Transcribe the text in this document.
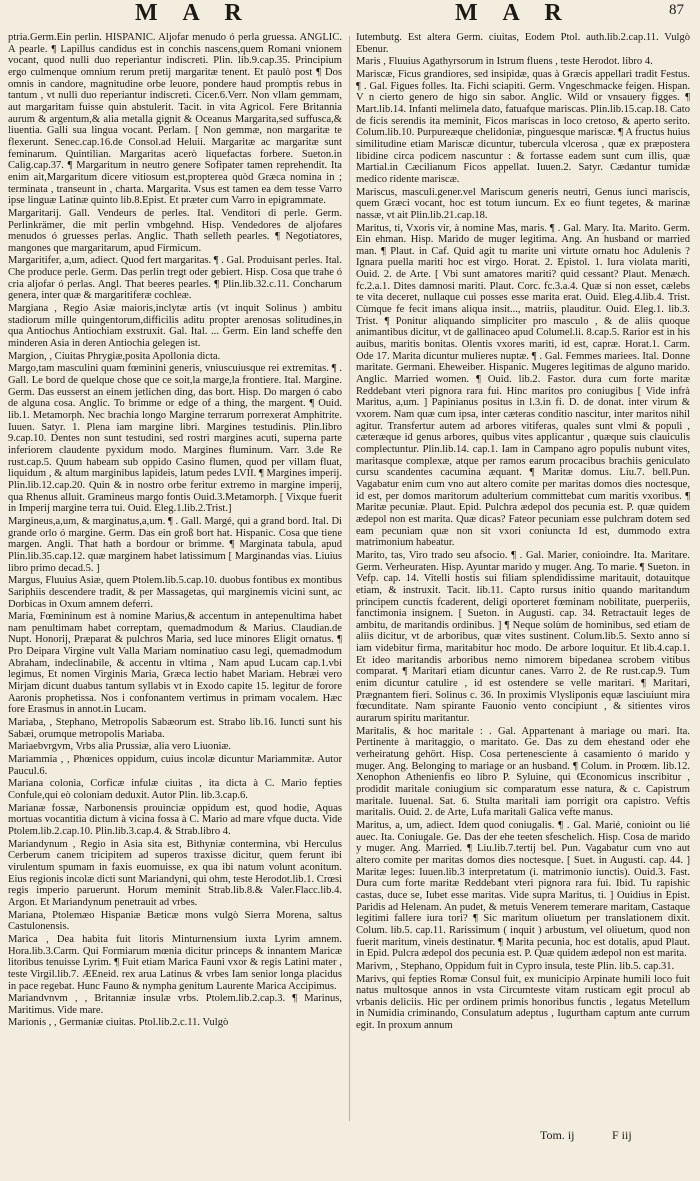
M A R	M A R	87

ptria.Germ.Ein perlin. HISPANIC. Aljofar menudo ó perla gruessa. ANGLIC. A pearle. ¶ Lapillus candidus est in conchis nascens,quem Romani vnionem vocant, quod nulli duo reperiantur indiscreti. Plin. lib.9.cap.35. Principium ergo culmenque omnium rerum pretij margaritæ tenent. Et paulò post ¶ Dos omnis in candore, magnitudine orbe leuore, pondere haud promptis rebus in tantum , vt nulli duo reperiantur indiscreti. Cicer.6.Verr. Non vllam gemmam, aut margaritam fuisse quin abstulerit. Tacit. in vita Agricol. Fere Britannia aurum & argentum,& alia metalla gignit & Oceanus Margarita,sed suffusca,& liuentia. Galli sua lingua vocant. Perlam. [ Non gemmæ, non margaritæ te flexerunt. Senec.cap.16.de Consol.ad Heluii. Margaritæ ac margaritæ sunt feminarum. Quintilian. Margaritas acerò liquefactas forbere. Sueton.in Calig.cap.37. ¶ Margaritum in neutro genere Sofipater tamen reprehendit. Ita enim ait,Margaritum dicere vitiosum est,propterea quòd Græca nomina in ; terminata , transeunt in , charta. Margarita. Vsus est tamen ea dem tesse Varro ipse linguæ Latinæ quinto lib.8.Epist. Et præter cum Varro in epigrammate.

Margaritarij. Gall. Vendeurs de perles. Ital. Venditori di perle. Germ. Perlinkrämer, die mit perlin vmbgehnd. Hisp. Vendedores de aljofares menudos ó gruesses perlas. Anglic. Thath selleth pearles. ¶ Negotiatores, mangones que margaritarum, apud Firmicum.

Margaritifer, a,um, adiect. Quod fert margaritas. ¶ . Gal. Produisant perles. Ital. Che produce perle. Germ. Das perlin tregt oder gebiert. Hisp. Cosa que trahe ó cria aljofar ó perlas. Angl. That beeres pearles. ¶ Plin.lib.32.c.11. Concharum genera, inter quæ & margaritiferæ cochleæ.

Margiana , Regio Asiæ maioris,inclytæ artis (vt inquit Solinus ) ambitu stadiorum mille quingentorum,difficilis aditu propter arenosas solitudines,in qua Antiochus Antiochiam exstruxit. Gal. Ital. ... Germ. Ein land scheffe den minderen Asia in deren Antiochia gelegen ist.

Margion, , Ciuitas Phrygiæ,posita Apollonia dicta.

Margo,tam masculini quam fœminini generis, vniuscuiusque rei extremitas. ¶ . Gall. Le bord de quelque chose que ce soit,la marge,la frontiere. Ital. Margine. Germ. Das eusserst an einem jetlichen ding, das bort. Hisp. Do margen ó cabo de alguna cosa. Anglic. To brimme or edge of a thing, the margent. ¶ Ouid. lib.1. Metamorph. Nec brachia longo Margine terrarum porrexerat Amphitrite. Iuuen. Satyr. 1. Plena iam margine libri. Margines testudinis. Plin.libro 9.cap.10. Dentes non sunt testudini, sed rostri margines acuti, superna parte inferiorem claudente pyxidum modo. Margines fluminum. Varr. 3.de Re rust.cap.5. Quum habeam sub oppido Casino flumen, quod per villam fluat, liquidum , & altum marginibus lapideis, latum pedes LVII. ¶ Margines imperij. Plin.lib.12.cap.20. Quin & in nostro orbe feritur extremo in margine imperij, qua Rhenus alluit. Gramineus margo fontis Ouid.3.Metamorph. [ Vixque fuerit in Imperij margine terra tui. Ouid. Eleg.1.lib.2.Trist.]

Margineus,a,um, & marginatus,a,um. ¶ . Gall. Margé, qui a grand bord. Ital. Di grande orlo ó margine. Germ. Das ein groß bort hat. Hispanic. Cosa que tiene margen. Angli. That hath a bordour or brimme. ¶ Marginata tabula, apud Plin.lib.35.cap.12. quæ marginem habet latissimum [ Marginandas vias. Liuius libro primo decad.5. ]

Margus, Fluuius Asiæ, quem Ptolem.lib.5.cap.10. duobus fontibus ex montibus Sariphiis descendere tradit, & per Massagetas, qui marginemis vicini sunt, ac Dorbicas in Oxum amnem deferri.

Maria, Fœmininum est à nomine Marius,& accentum in antepenultima habet nam penultimam habet correptam, quemadmodum & Marius. Claudian.de Nupt. Honorij, Præparat & pulchros Maria, sed luce minores Eligit ornatus. ¶ Pro Deipara Virgine vult Valla Mariam nominatiuo casu legi, quemadmodum Abraham, indeclinabile, & accentu in vltima , Nam apud Lucam cap.1.vbi legimus, Et nomen Virginis Maria, Græca lectio habet Mariam. Hebræi vero Mirjam dicunt duabus tantum syllabis vt in Exodo capite 15. legitur de forore Aaronis prophetissa. Nos i confonantem vertimus in primam vocalem. Hæc fore Erasmus in annot.in Lucam.

Mariaba, , Stephano, Metropolis Sabæorum est. Strabo lib.16. Iuncti sunt his Sabæi, orumque metropolis Mariaba.

Mariaebvrgvm, Vrbs alia Prussiæ, alia vero Liuoniæ.

Mariammia , , Phœnices oppidum, cuius incolæ dicuntur Mariammitæ. Autor Paucul.6.

Mariana colonia, Corficæ infulæ ciuitas , ita dicta à C. Mario fepties Confule,qui eò coloniam deduxit. Autor Plin. lib.3.cap.6.

Marianæ fossæ, Narbonensis prouinciæ oppidum est, quod hodie, Aquas mortuas vocantitia dictum à vicina fossa à C. Mario ad mare vfque ducta. Vide Ptolem.lib.2.cap.10. Plin.lib.3.cap.4. & Strab.libro 4.

Mariandynum , Regio in Asia sita est, Bithyniæ contermina, vbi Herculus Cerberum canem tricipitem ad superos traxisse dicitur, quem ferunt ibi virulentum spumam in faxis euomuisse, ex qua ibi natum volunt aconitum. Eius regionis incolæ dicti sunt Mariandyni, qui ohm, teste Herodot.lib.1. Crœsi regis imperio paruerunt. Horum meminit Strab.lib.8.& Valer.Flacc.lib.4. Argon. Et Mariandynum penetrauit ad vrbes.

Mariana, Ptolemæo Hispaniæ Bæticæ mons vulgò Sierra Morena, saltus Castulonensis.

Marica , Dea habita fuit litoris Minturnensium iuxta Lyrim amnem. Hora.lib.3.Carm. Qui Formiarum mœnia dicitur princeps & innantem Maricæ litoribus tenuisse Lyrim. ¶ Fuit etiam Marica Fauni vxor & regis Latini mater , teste Virgil.lib.7. ÆEneid. rex arua Latinus & vrbes Iam senior longa placidus in pace regebat. Hunc Fauno & nympha genitum Laurente Marica Accipimus.

Mariandvnvm , , Britanniæ insulæ vrbs. Ptolem.lib.2.cap.3. ¶ Marinus, Maritimus. Vide mare.

Marionis , , Germaniæ ciuitas. Ptol.lib.2.c.11. Vulgò

Iutembutg. Est altera Germ. ciuitas, Eodem Ptol. auth.lib.2.cap.11. Vulgò Ebenur.

Maris , Fluuius Agathyrsorum in Istrum fluens , teste Herodot. libro 4.

Mariscæ, Ficus grandiores, sed insipidæ, quas à Græcis appellari tradit Festus. ¶ . Gal. Figues folles. Ita. Fichi sciapiti. Germ. Vngeschmacke feigen. Hispan. V n cierto genero de higo sin sabor. Anglic. Wild or vnsauery figges. ¶ Mart.lib.14. Infanti melimela dato, fatuafque mariscas. Plin.lib.15.cap.18. Cato de ficis serendis ita meminit, Ficos mariscas in loco cretoso, & aperto serito. Colum.lib.10. Purpureæque chelidoniæ, pinguesque mariscæ. ¶ A fructus huius similitudine etiam Mariscæ dicuntur, tubercula vlcerosa , quæ ex præpostera libidine circa podicem nascuntur : & fortasse eadem sunt cum illis, quæ Martial.in Cæcilianum Ficos appellat. Iuuen.2. Satyr. Cædantur tumidæ medico ridente mariscæ.

Mariscus, masculi.gener.vel Mariscum generis neutri, Genus iunci mariscis, quem Græci vocant, hoc est totum iuncum. Ex eo fiunt tegetes, & marinæ nassæ, vt ait Plin.lib.21.cap.18.

Maritus, ti, Vxoris vir, à nomine Mas, maris. ¶ . Gal. Mary. Ita. Marito. Germ. Ein ehman. Hisp. Marido de muger legitima. Ang. An husband or married man. ¶ Plaut. in Caf. Quid agit tu marite uni virtute ornatu hoc Adulenis ? Ignara puella mariti hoc est virgo. Horat. 2. Epistol. 1. Iura violata mariti, Ouid. 2. de Arte. [ Vbi sunt amatores mariti? quid cessant? Plaut. Menæch. fc.2.a.1. Dites damnosi mariti. Plaut. Corc. fc.3.a.4. Quæ si non esset, cælebs te vita deceret, nullaque cui posses esse marita erat. Ouid. Eleg.4.lib.4. Trist. Cùmque fe fecit imans aliqua insit..., matriis, plauditur. Ouid. Eleg.1. lib.3. Trist. ¶ Ponitur aliquando simpliciter pro masculo , & de aliis quoque animantibus dicitur, vt de gallinaceo apud Columel.li. 8.cap.5. Rarior est in his auibus, maritis bonitas. Olentis vxores mariti, id est, capræ. Horat.1. Carm. Ode 17. Marita dicuntur mulieres nuptæ. ¶ . Gal. Femmes mariees. Ital. Donne maritate. Germani. Eheweiber. Hispanic. Mugeres legitimas de alguno marido. Anglic. Married women. ¶ Ouid. lib.2. Fastor. dura cum forte maritæ Reddebant vteri pignora rara fui. Hinc maritos pro coniugibus [ Vide infrà Maritus, a,um. ] Papinianus positus in l.3.in fi. D. de donat. inter virum & vxorem. Nam quæ cum ipsa, inter cæteras conditio nascitur, inter maritos nihil agitur. Transfertur autem ad arbores vitiferas, quales sunt vlmi & populi , cæteræque id genus arbores, quibus vites applicantur , quæque suis clauiculis complectuntur. Plin.lib.14. cap.1. Iam in Campano agro populis nubunt vites, maritasque complexæ, atque per ramos earum procacibus brachiis geniculato cursu scandentes cacumina æquant. ¶ Maritæ domus. Liu.7. bell.Pun. Vagabatur enim cum vno aut altero comite per maritas domos dies noctesque, id est, per domos maritorum adulterium committebat cum maritis vxoribus. ¶ Maritæ pecuniæ. Plaut. Epid. Pulchra ædepol dos pecunia est. P. quæ quidem ædepol non est marita. Quæ dicas? Fateor pecuniam esse pulchram dotem sed eam pecuniam quæ non sit vxori coniuncta Id est, dummodo extra matrimonium habeatur.

Marito, tas, Viro trado seu afsocio. ¶ . Gal. Marier, conioindre. Ita. Maritare. Germ. Verheuraten. Hisp. Ayuntar marido y muger. Ang. To marie. ¶ Sueton. in Vefp. cap. 14. Vitelli hostis sui filiam splendidissime maritauit, dotauitque etiam, & instruxit. Tacit. lib.11. Capto rursus initio quando maritandum principem cunctis fcaderent, deligi oporteret fœminam nobilitate, puerperiis, fanctimonia insignem. [ Sueton. in Augusti. cap. 34. Retractauit leges de ambitu, de maritandis ordinibus. ] ¶ Neque solùm de hominibus, sed etiam de aliis dicitur, vt de arboribus, quæ vites sustinent. Colum.lib.5. Sexto anno si iam videbitur firma, maritabitur hoc modo. De arbore loquitur. Et lib.4.cap.1. Et ideo maritandis arboribus nemo nimorem bipedanea scrobem vitibus comparat. ¶ Maritari etiam dicuntur canes. Varro 2. de Re rust.cap.9. Tum enim dicuntur catulire , id est ostendere se velle maritari. ¶ Maritari, Prægnantem fieri. Solinus c. 36. In proximis Vlysliponis equæ lasciuiunt mira fœcunditate. Nam spirante Fauonio vento concipiunt , & sitientes viros aurarum spiritu maritantur.

Maritalis, & hoc maritale : . Gal. Appartenant à mariage ou mari. Ita. Pertinente à maritaggio, o maritato. Ge. Das zu dem ehestand oder ehe verheiratung gehört. Hisp. Cosa pertenesciente à casamiento ó marido y muger. Ang. Belonging to mariage or an husband. ¶ Colum. in Proœm. lib.12. Xenophon Athenienfis eo libro P. Syluine, qui Œconomicus inscribitur , prodidit maritale coniugium sic comparatum esse natura, & c. Capistrum maritale. Iuuenal. Sat. 6. Stulta maritali iam porrigit ora capistro. Veftis maritalis. Ouid. 2. de Arte, Lufa maritali Galica vefte manus.

Maritus, a, um, adiect. Idem quod coniugalis. ¶ . Gal. Marié, conioint ou lié auec. Ita. Coniugale. Ge. Das der ehe teeten sfeschelich. Hisp. Cosa de marido y muger. Ang. Married. ¶ Liu.lib.7.tertij bel. Pun. Vagabatur cum vno aut altero comite per maritas domos dies noctesque. [ Suet. in Augusti. cap. 44. ] Maritæ leges: Iuuen.lib.3 interpretatum (i. matrimonio iunctis). Ouid.3. Fast. Dura cum forte maritæ Reddebant vteri pignora rara fui. Ibid. Tu rapishic castas, duce se, Iubet esse maritas. Vide supra Maritus, ti. ] Ouidius in Epist. Paridis ad Helenam. An pudet, & metuis Venerem temerare maritam, Castaque legitimi fallere iura tori? ¶ Sic maritum oliuetum per translationem dixit. Colum. lib.5. cap.11. Rarissimum ( inquit ) arbustum, vel oliuetum, quod non fuerit maritum, vineis destinatur. ¶ Marita pecunia, hoc est dotalis, apud Plaut. in Epid. Pulcra ædepol dos pecunia est. P. Quæ quidem ædepol non est marita.

Marivm, , Stephano, Oppidum fuit in Cypro insula, teste Plin. lib.5. cap.31.

Marivs, qui fepties Romæ Consul fuit, ex municipio Arpinate humili loco fuit natus multosque annos in vsta Circumteste vitam rusticam egit procul ab vrbanis deliciis. Hic per ordinem primis honoribus functis , legatus Metellum in Numidia criminando, Consulatum adeptus , Iugurtham captum ante currum egit. In proxum annum

Tom. ij	F iij
